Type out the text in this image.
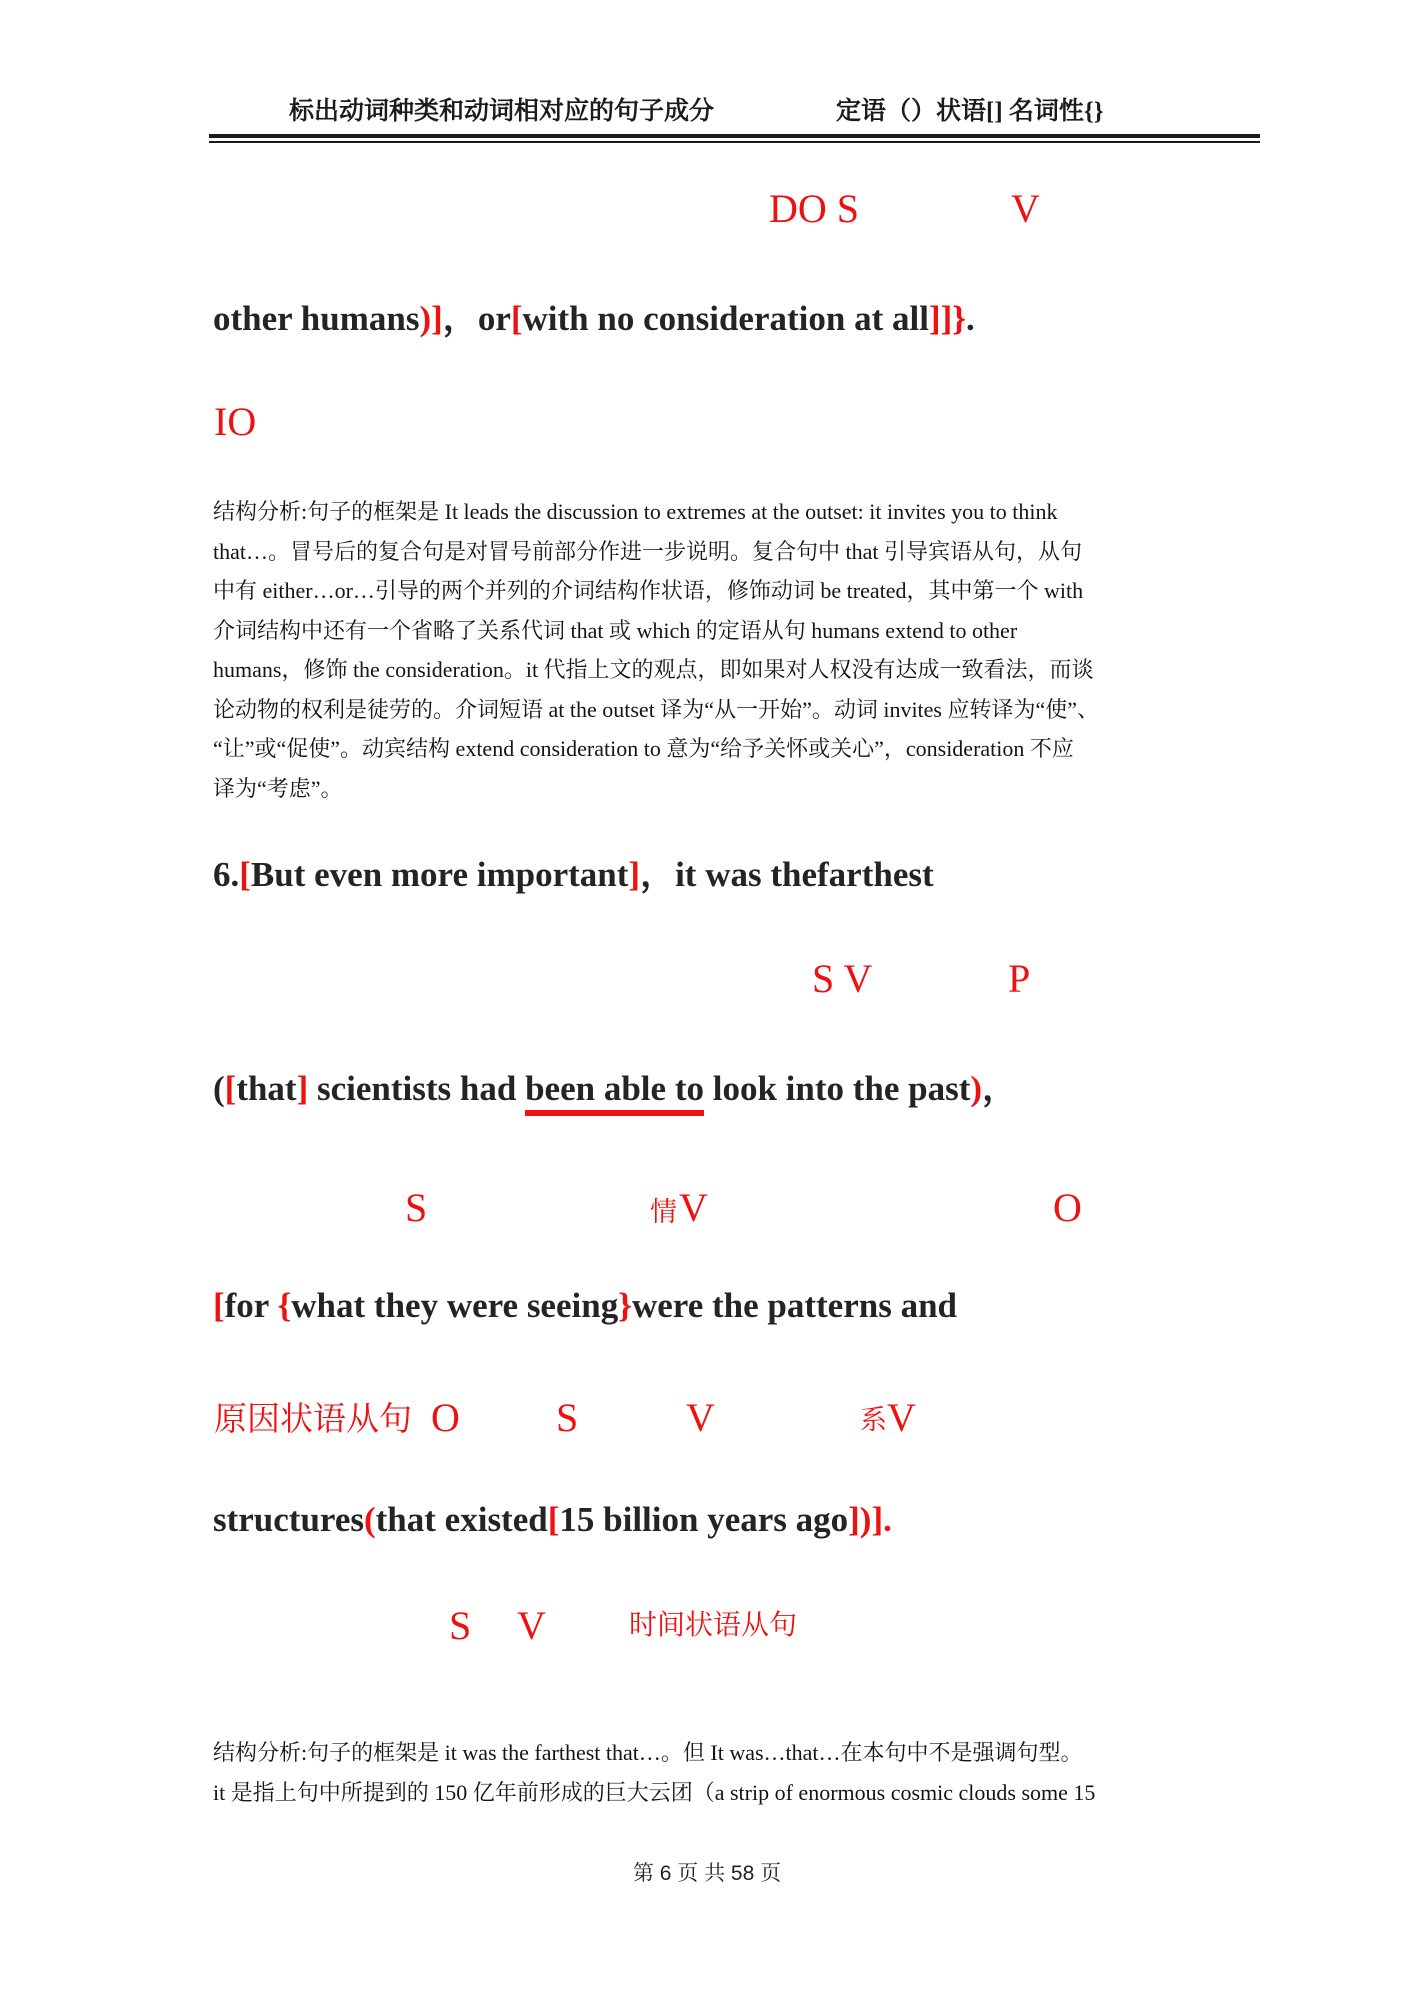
标出动词种类和动词相对应的句子成分	定语（）状语[] 名词性{}
DO S	V
other humans)]，or[with no consideration at all]]}.
IO
结构分析:句子的框架是 It leads the discussion to extremes at the outset: it invites you to think
that…。冒号后的复合句是对冒号前部分作进一步说明。复合句中 that 引导宾语从句，从句
中有 either…or…引导的两个并列的介词结构作状语，修饰动词 be treated，其中第一个 with
介词结构中还有一个省略了关系代词 that 或 which 的定语从句 humans extend to other
humans，修饰 the consideration。it 代指上文的观点，即如果对人权没有达成一致看法，而谈
论动物的权利是徒劳的。介词短语 at the outset 译为“从一开始”。动词 invites 应转译为“使”、
“让”或“促使”。动宾结构 extend consideration to 意为“给予关怀或关心”，consideration 不应
译为“考虑”。
6.[But even more important]，it was thefarthest
S V	P
([that] scientists had been able to look into the past)，
S	情 V	O
[for {what they were seeing}were the patterns and
原因状语从句 O S	V	系 V
structures(that existed[15 billion years ago])].
S V	时间状语从句
结构分析:句子的框架是 it was the farthest that…。但 It was…that…在本句中不是强调句型。
it 是指上句中所提到的 150 亿年前形成的巨大云团（a strip of enormous cosmic clouds some 15
第 6 页 共 58 页
